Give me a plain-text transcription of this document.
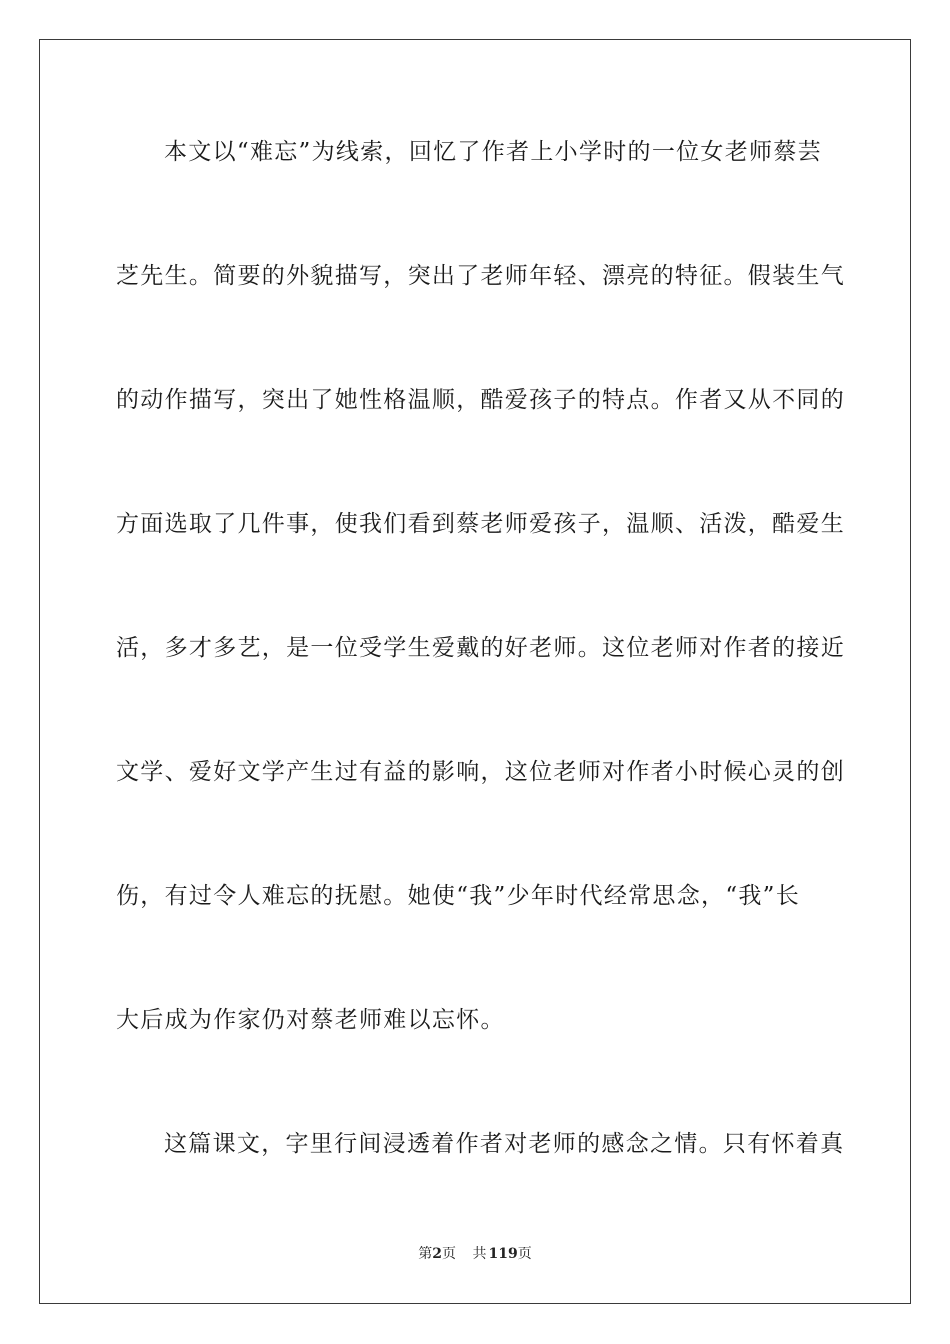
本文以“难忘”为线索，回忆了作者上小学时的一位女老师蔡芸
芝先生。简要的外貌描写，突出了老师年轻、漂亮的特征。假装生气
的动作描写，突出了她性格温顺，酷爱孩子的特点。作者又从不同的
方面选取了几件事，使我们看到蔡老师爱孩子，温顺、活泼，酷爱生
活，多才多艺，是一位受学生爱戴的好老师。这位老师对作者的接近
文学、爱好文学产生过有益的影响，这位老师对作者小时候心灵的创
伤，有过令人难忘的抚慰。她使“我”少年时代经常思念，“我”长
大后成为作家仍对蔡老师难以忘怀。
这篇课文，字里行间浸透着作者对老师的感念之情。只有怀着真
第2页 共 119页
